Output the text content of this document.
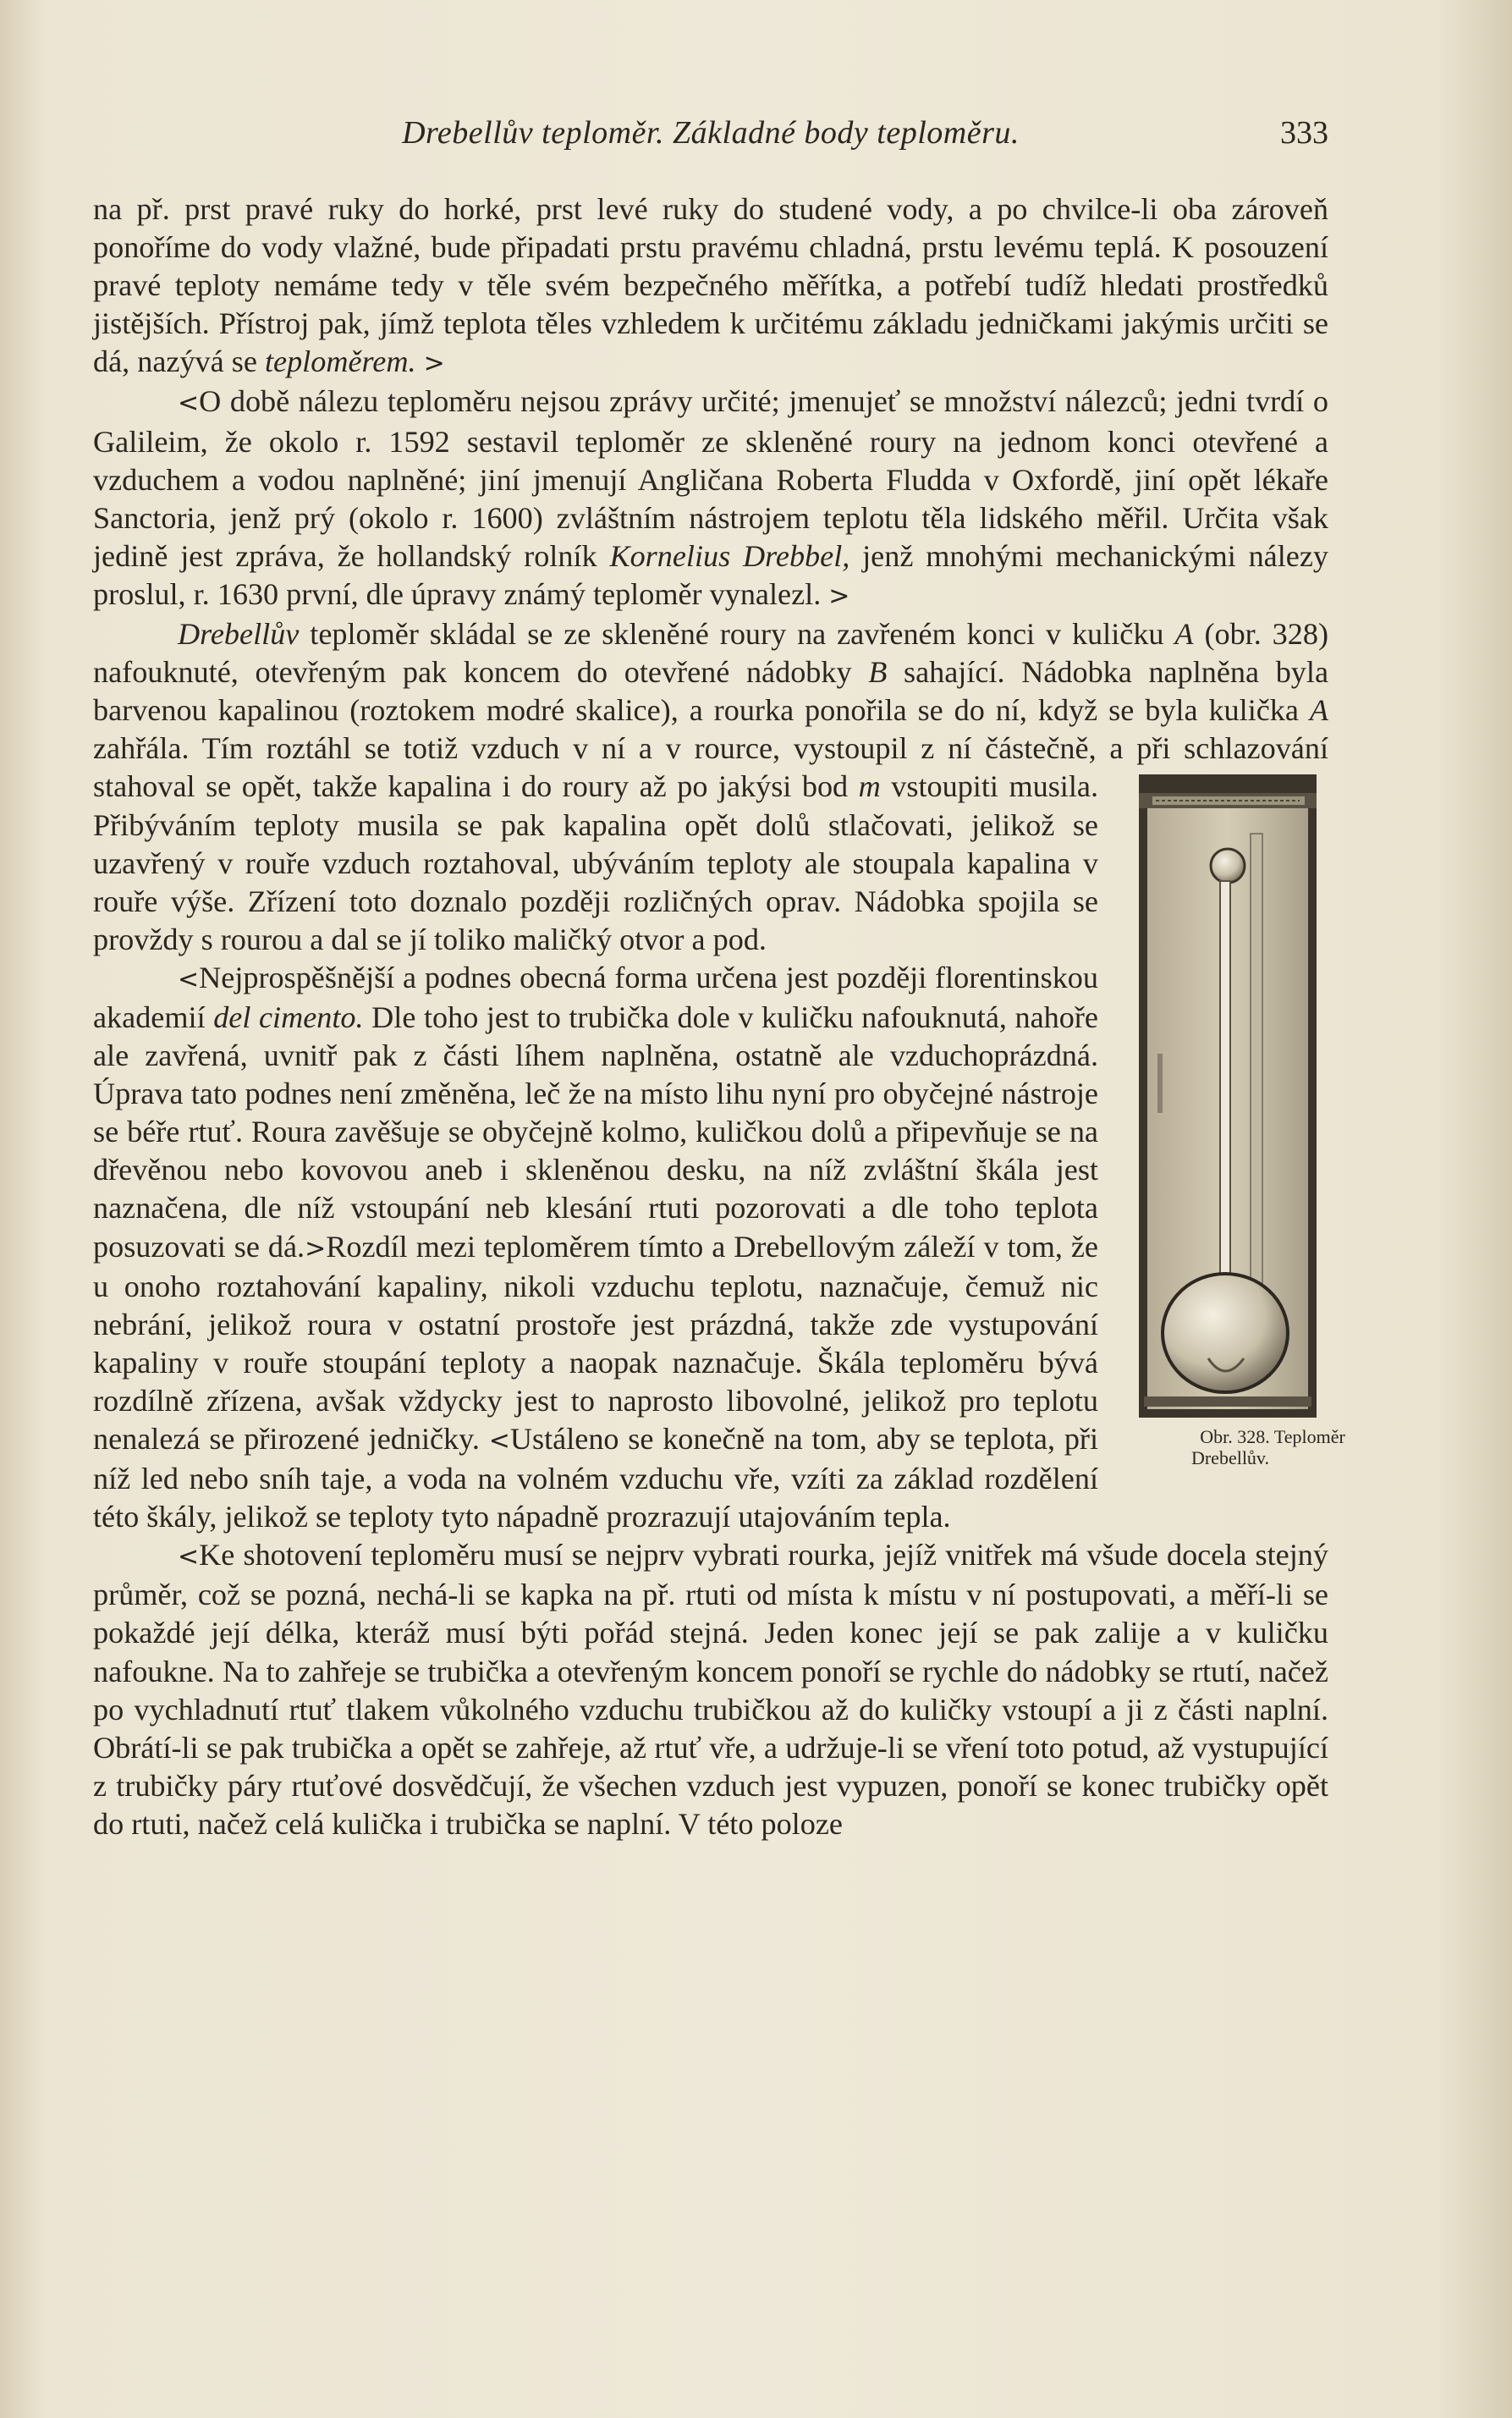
Drebellův teploměr. Základné body teploměru.	333

na př. prst pravé ruky do horké, prst levé ruky do studené vody, a po chvilce-li oba zároveň ponoříme do vody vlažné, bude připadati prstu pravému chladná, prstu levému teplá. K posouzení pravé teploty nemáme tedy v těle svém bezpečného měřítka, a potřebí tudíž hledati prostředků jistějších. Přístroj pak, jímž teplota těles vzhledem k určitému základu jedničkami jakýmis určiti se dá, nazývá se teploměrem. >

<O době nálezu teploměru nejsou zprávy určité; jmenujeť se množství nálezců; jedni tvrdí o Galileim, že okolo r. 1592 sestavil teploměr ze skleněné roury na jednom konci otevřené a vzduchem a vodou naplněné; jiní jmenují Angličana Roberta Fludda v Oxfordě, jiní opět lékaře Sanctoria, jenž prý (okolo r. 1600) zvláštním nástrojem teplotu těla lidského měřil. Určita však jedině jest zpráva, že hollandský rolník Kornelius Drebbel, jenž mnohými mechanickými nálezy proslul, r. 1630 první, dle úpravy známý teploměr vynalezl. >

Drebellův teploměr skládal se ze skleněné roury na zavřeném konci v kuličku A (obr. 328) nafouknuté, otevřeným pak koncem do otevřené nádobky B sahající. Nádobka naplněna byla barvenou kapalinou (roztokem modré skalice), a rourka ponořila se do ní, když se byla kulička A zahřála. Tím roztáhl se totiž vzduch v ní a v rource, vystoupil z ní částečně, a při schlazování stahoval se opět, takže kapalina i do roury až po jakýsi bod
Obr. 328. Teploměr Drebellův.
m vstoupiti musila. Přibýváním teploty musila se pak kapalina opět dolů stlačovati, jelikož se uzavřený v rouře vzduch roztahoval, ubýváním teploty ale stoupala kapalina v rouře výše. Zřízení toto doznalo později rozličných oprav. Nádobka spojila se provždy s rourou a dal se jí toliko maličký otvor a pod.

<Nejprospěšnější a podnes obecná forma určena jest později florentinskou akademií del cimento. Dle toho jest to trubička dole v kuličku nafouknutá, nahoře ale zavřená, uvnitř pak z části líhem naplněna, ostatně ale vzduchoprázdná. Úprava tato podnes není změněna, leč že na místo lihu nyní pro obyčejné nástroje se béře rtuť. Roura zavěšuje se obyčejně kolmo, kuličkou dolů a připevňuje se na dřevěnou nebo kovovou aneb i skleněnou desku, na níž zvláštní škála jest naznačena, dle níž vstoupání neb klesání rtuti pozorovati a dle toho teplota posuzovati se dá.>Rozdíl mezi teploměrem tímto a Drebellovým záleží v tom, že u onoho roztahování kapaliny, nikoli vzduchu teplotu, naznačuje, čemuž nic nebrání, jelikož roura v ostatní prostoře jest prázdná, takže zde vystupování kapaliny v rouře stoupání teploty a naopak naznačuje. Škála teploměru bývá rozdílně zřízena, avšak vždycky jest to naprosto libovolné, jelikož pro teplotu nenalezá se přirozené jedničky. <Ustáleno se konečně na tom, aby se teplota, při níž led nebo sníh taje, a voda na volném vzduchu vře, vzíti za základ rozdělení této škály, jelikož se teploty tyto nápadně prozrazují utajováním tepla.

<Ke shotovení teploměru musí se nejprv vybrati rourka, jejíž vnitřek má všude docela stejný průměr, což se pozná, nechá-li se kapka na př. rtuti od místa k místu v ní postupovati, a měří-li se pokaždé její délka, kteráž musí býti pořád stejná. Jeden konec její se pak zalije a v kuličku nafoukne. Na to zahřeje se trubička a otevřeným koncem ponoří se rychle do nádobky se rtutí, načež po vychladnutí rtuť tlakem vůkolného vzduchu trubičkou až do kuličky vstoupí a ji z části naplní. Obrátí-li se pak trubička a opět se zahřeje, až rtuť vře, a udržuje-li se vření toto potud, až vystupující z trubičky páry rtuťové dosvědčují, že všechen vzduch jest vypuzen, ponoří se konec trubičky opět do rtuti, načež celá kulička i trubička se naplní. V této poloze
